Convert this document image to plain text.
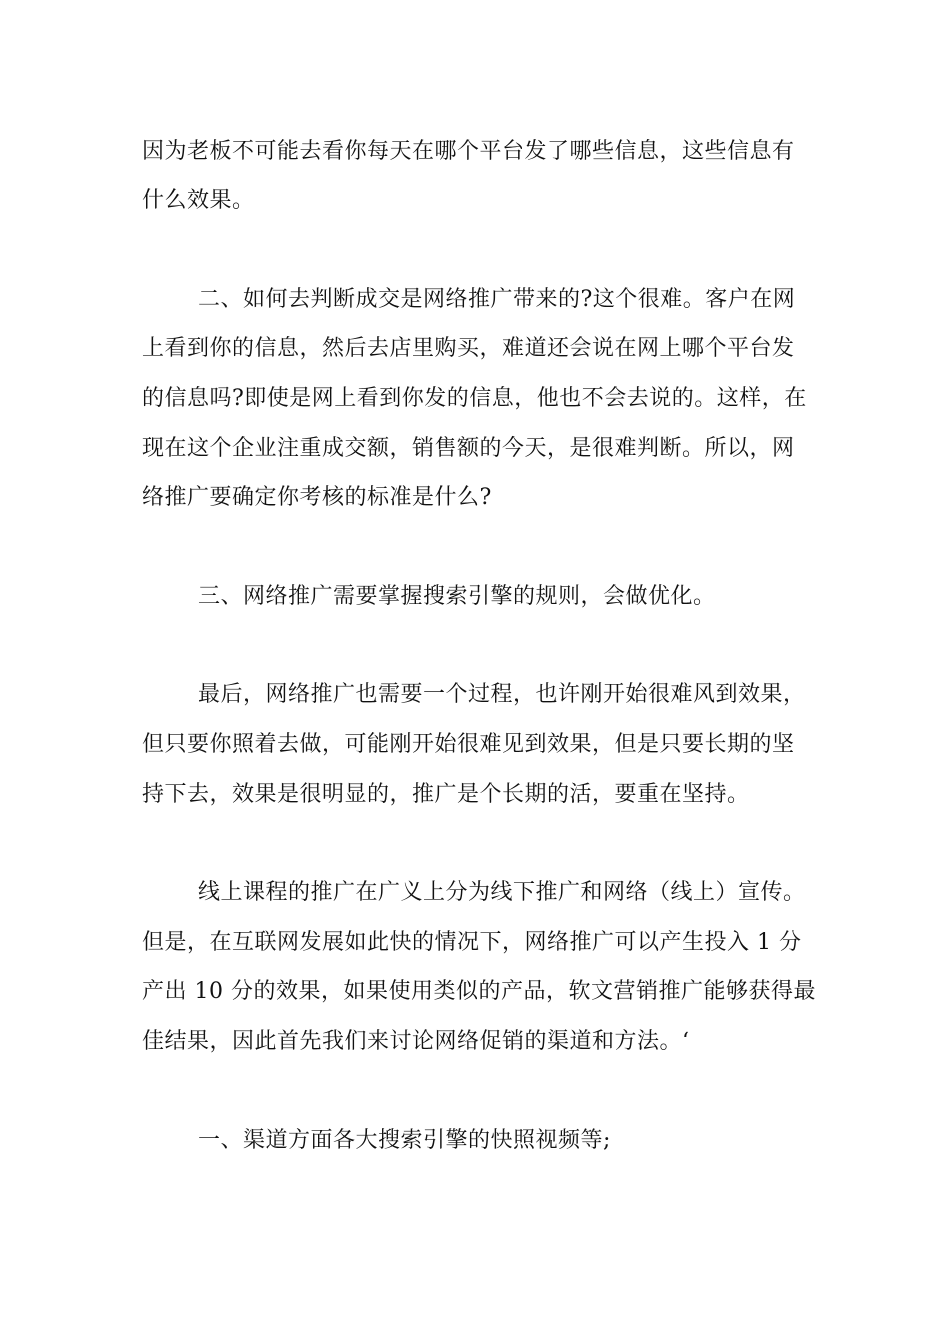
因为老板不可能去看你每天在哪个平台发了哪些信息，这些信息有
什么效果。
二、如何去判断成交是网络推广带来的?这个很难。客户在网
上看到你的信息，然后去店里购买，难道还会说在网上哪个平台发
的信息吗?即使是网上看到你发的信息，他也不会去说的。这样，在
现在这个企业注重成交额，销售额的今天，是很难判断。所以，网
络推广要确定你考核的标准是什么?
三、网络推广需要掌握搜索引擎的规则，会做优化。
最后，网络推广也需要一个过程，也许刚开始很难风到效果，
但只要你照着去做，可能刚开始很难见到效果，但是只要长期的坚
持下去，效果是很明显的，推广是个长期的活，要重在坚持。
线上课程的推广在广义上分为线下推广和网络（线上）宣传。
但是，在互联网发展如此快的情况下，网络推广可以产生投入 1 分
产出 10 分的效果，如果使用类似的产品，软文营销推广能够获得最
佳结果，因此首先我们来讨论网络促销的渠道和方法。‘
一、渠道方面各大搜索引擎的快照视频等;
